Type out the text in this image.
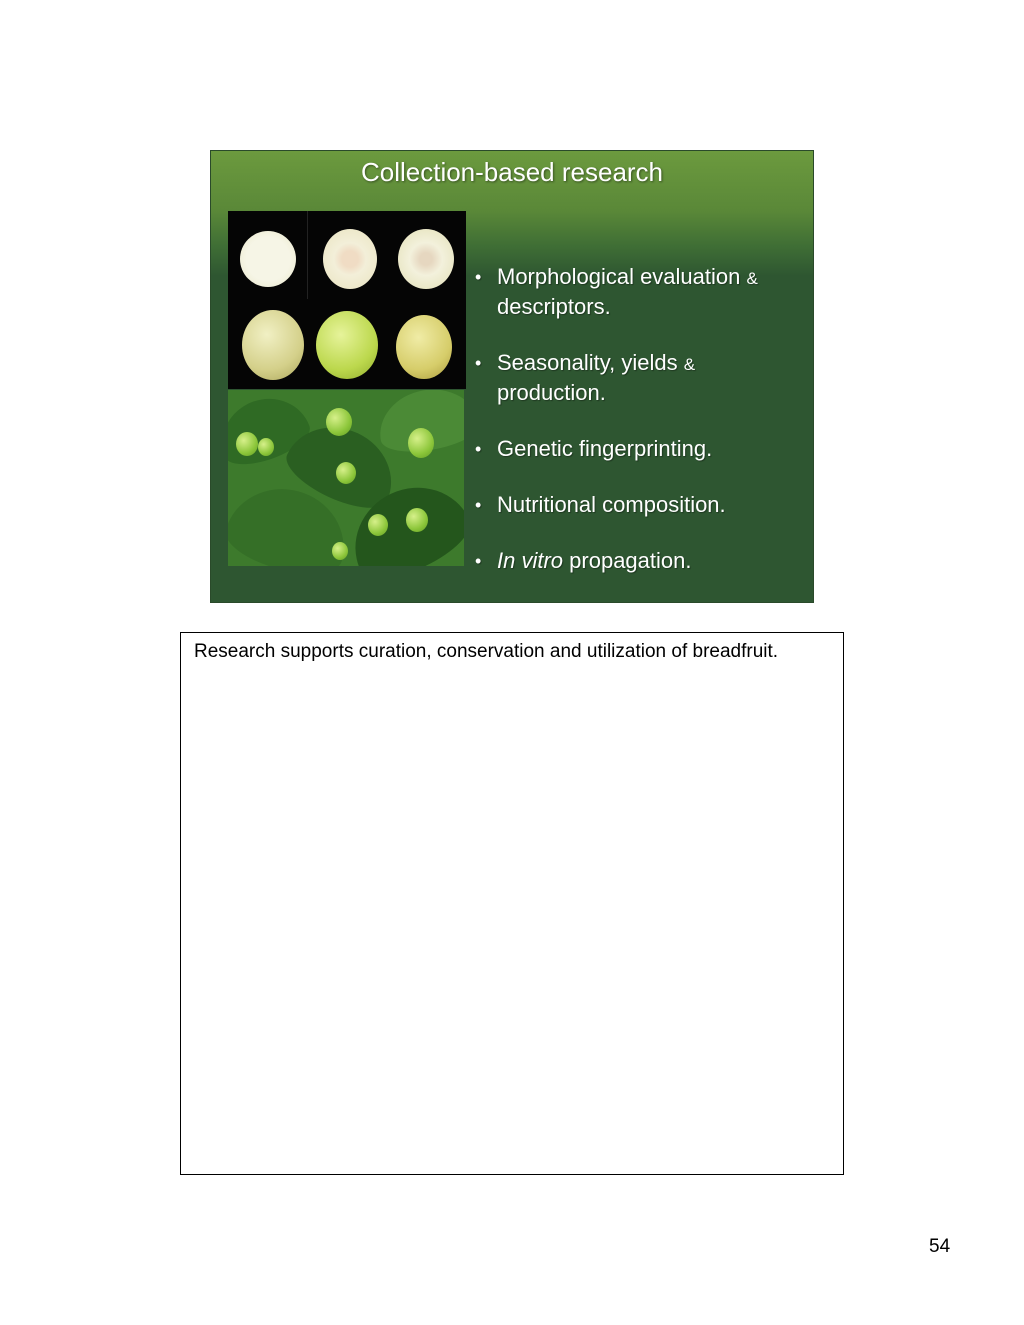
Collection-based research
• Morphological evaluation &
descriptors.
• Seasonality, yields &
production.
• Genetic fingerprinting.
• Nutritional composition.
• In vitro propagation.
Research supports curation, conservation and utilization of breadfruit.
54
